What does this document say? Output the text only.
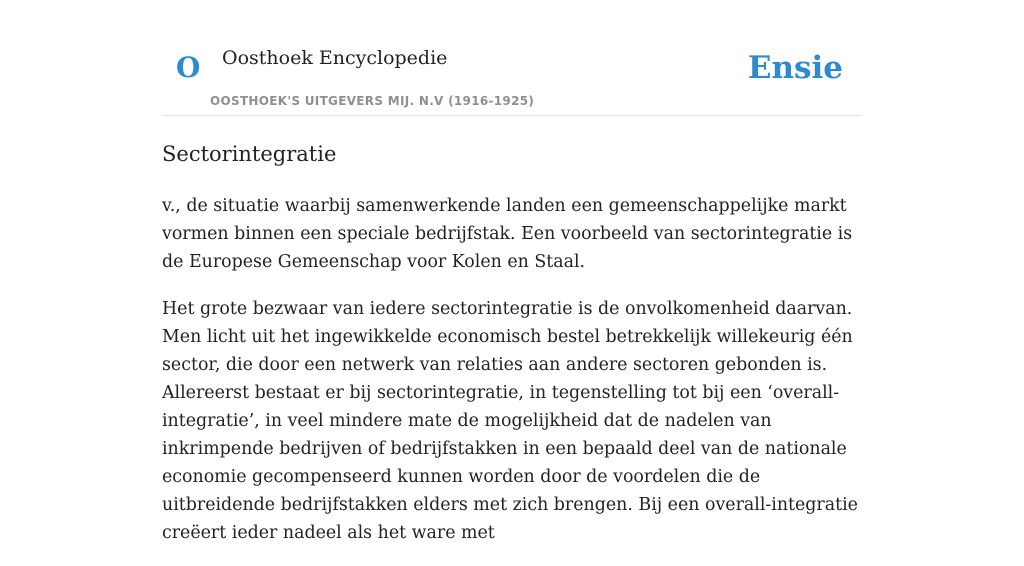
O Oosthoek Encyclopedie	Ensie
OOSTHOEK'S UITGEVERS MIJ. N.V (1916-1925)
Sectorintegratie

v., de situatie waarbij samenwerkende landen een gemeenschappelijke markt vormen binnen een speciale bedrijfstak. Een voorbeeld van sectorintegratie is de Europese Gemeenschap voor Kolen en Staal.

Het grote bezwaar van iedere sectorintegratie is de onvolkomenheid daarvan. Men licht uit het ingewikkelde economisch bestel betrekkelijk willekeurig één sector, die door een netwerk van relaties aan andere sectoren gebonden is. Allereerst bestaat er bij sectorintegratie, in tegenstelling tot bij een ‘overall-integratie’, in veel mindere mate de mogelijkheid dat de nadelen van inkrimpende bedrijven of bedrijfstakken in een bepaald deel van de nationale economie gecompenseerd kunnen worden door de voordelen die de uitbreidende bedrijfstakken elders met zich brengen. Bij een overall-integratie creëert ieder nadeel als het ware met
